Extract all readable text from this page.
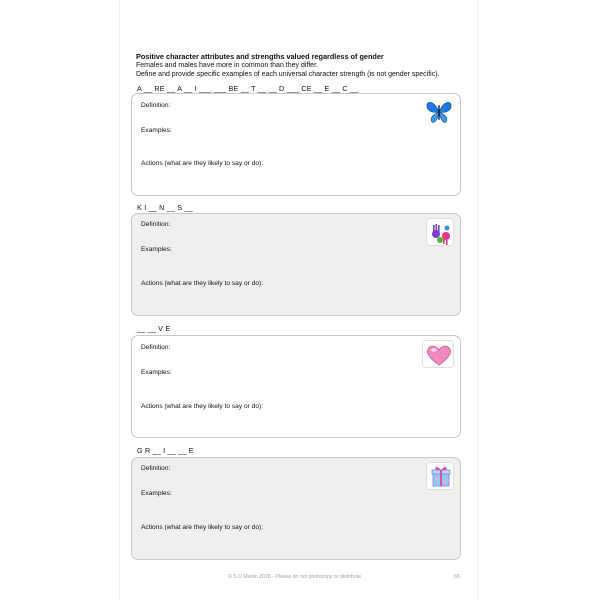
Positive character attributes and strengths valued regardless of gender
Females and males have more in common than they differ.
Define and provide specific examples of each universal character strength (is not gender specific).
A __ RE __ A __ I ___ ___ BE __ T __ __ D ___ CE __ E __ C __
Definition:
Examples:
Actions (what are they likely to say or do):
K I __ N __ S __
Definition:
Examples:
Actions (what are they likely to say or do):
__ __ V E
Definition:
Examples:
Actions (what are they likely to say or do):
G R __ I __ __ E
Definition:
Examples:
Actions (what are they likely to say or do):
© S D Martin 2026 - Please do not photocopy or distribute	66
